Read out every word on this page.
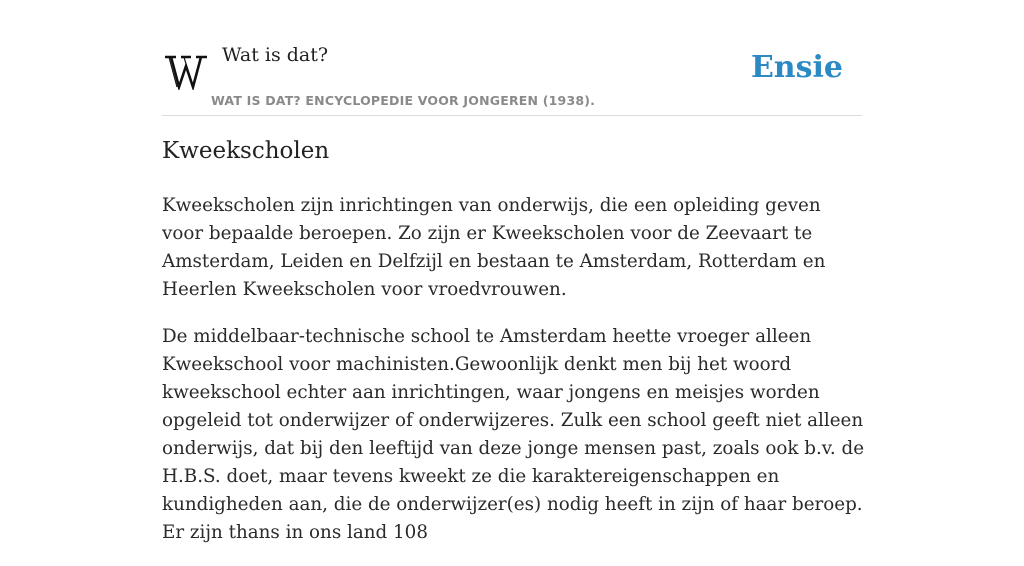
Wat is dat?	Ensie
WAT IS DAT? ENCYCLOPEDIE VOOR JONGEREN (1938).
Kweekscholen

Kweekscholen zijn inrichtingen van onderwijs, die een opleiding geven voor bepaalde beroepen. Zo zijn er Kweekscholen voor de Zeevaart te Amsterdam, Leiden en Delfzijl en bestaan te Amsterdam, Rotterdam en Heerlen Kweekscholen voor vroedvrouwen.

De middelbaar-technische school te Amsterdam heette vroeger alleen Kweekschool voor machinisten.Gewoonlijk denkt men bij het woord kweekschool echter aan inrichtingen, waar jongens en meisjes worden opgeleid tot onderwijzer of onderwijzeres. Zulk een school geeft niet alleen onderwijs, dat bij den leeftijd van deze jonge mensen past, zoals ook b.v. de H.B.S. doet, maar tevens kweekt ze die karaktereigenschappen en kundigheden aan, die de onderwijzer(es) nodig heeft in zijn of haar beroep. Er zijn thans in ons land 108
